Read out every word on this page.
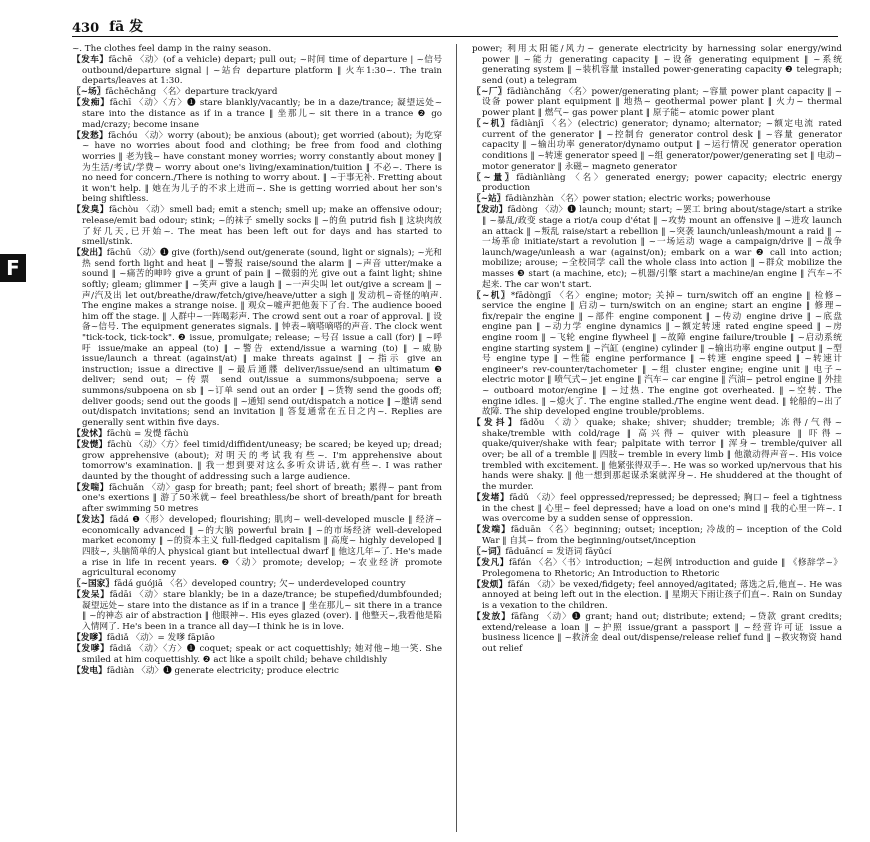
430 fā 发

~. The clothes feel damp in the rainy season.

【发车】fāchē 〈动〉(of a vehicle) depart; pull out; ~时间 time of departure | ~信号 outbound/departure signal | ~站台 departure platform ‖ 火车1:30~. The train departs/leaves at 1:30.

〖~场〗fāchēchǎng 〈名〉departure track/yard

【发痴】fāchī 〈动〉〈方〉❶ stare blankly/vacantly; be in a daze/trance; 凝望远处~ stare into the distance as if in a trance ‖ 坐那儿~ sit there in a trance ❷ go mad/crazy; become insane

【发愁】fāchóu 〈动〉worry (about); be anxious (about); get worried (about); 为吃穿~ have no worries about food and clothing; be free from food and clothing worries ‖ 老为钱~ have constant money worries; worry constantly about money ‖ 为生活/考试/学费~ worry about one's living/examination/tuition ‖ 不必~. There is no need for concern./There is nothing to worry about. ‖ ~于事无补. Fretting about it won't help. ‖ 她在为儿子的不求上进而~. She is getting worried about her son's being shiftless.

【发臭】fāchòu 〈动〉smell bad; emit a stench; smell up; make an offensive odour; release/emit bad odour; stink; ~的袜子 smelly socks ‖ ~的鱼 putrid fish ‖ 这块肉放了好几天,已开始~. The meat has been left out for days and has started to smell/stink.

【发出】fāchū 〈动〉❶ give (forth)/send out/generate (sound, light or signals); ~光和热 send forth light and heat ‖ ~警报 raise/sound the alarm ‖ ~声音 utter/make a sound ‖ ~痛苦的呻吟 give a grunt of pain ‖ ~微弱的光 give out a faint light; shine softly; gleam; glimmer ‖ ~笑声 give a laugh ‖ ~一声尖叫 let out/give a scream ‖ ~声/汽及出 let out/breathe/draw/fetch/give/heave/utter a sigh ‖ 发动机~奇怪的响声. The engine makes a strange noise. ‖ 观众~嘘声把他轰下了台. The audience booed him off the stage. ‖ 人群中~一阵喝彩声. The crowd sent out a roar of approval. ‖ 设备~信号. The equipment generates signals. ‖ 钟表~嘀嗒嘀嗒的声音. The clock went "tick-tock, tick-tock". ❷ issue, promulgate; release; ~号召 issue a call (for) ‖ ~呼吁 issue/make an appeal (to) ‖ ~警告 extend/issue a warning (to) ‖ ~威胁 issue/launch a threat (against/at) ‖ make threats against ‖ ~指示 give an instruction; issue a directive ‖ ~最后通牒 deliver/issue/send an ultimatum ❸ deliver; send out; ~传票 send out/issue a summons/subpoena; serve a summons/subpoena on sb ‖ ~订单 send out an order ‖ ~货物 send the goods off; deliver goods; send out the goods ‖ ~通知 send out/dispatch a notice ‖ ~邀请 send out/dispatch invitations; send an invitation ‖ 答复通常在五日之内~. Replies are generally sent within five days.

【发怵】fāchù = 发憷 fāchù

【发憷】fāchù 〈动〉〈方〉feel timid/diffident/uneasy; be scared; be keyed up; dread; grow apprehensive (about); 对明天的考试我有些~. I'm apprehensive about tomorrow's examination. ‖ 我一想到要对这么多听众讲话,就有些~. I was rather daunted by the thought of addressing such a large audience.

【发喘】fāchuǎn 〈动〉gasp for breath; pant; feel short of breath; 累得~ pant from one's exertions ‖ 游了50米就~ feel breathless/be short of breath/pant for breath after swimming 50 metres

【发达】fādá ❶〈形〉developed; flourishing; 肌肉~ well-developed muscle ‖ 经济~ economically advanced ‖ ~的大脑 powerful brain ‖ ~的市场经济 well-developed market economy ‖ ~的资本主义 full-fledged capitalism ‖ 高度~ highly developed ‖ 四肢~, 头脑简单的人 physical giant but intellectual dwarf ‖ 他这几年~了. He's made a rise in life in recent years. ❷〈动〉promote; develop; ~农业经济 promote agricultural economy

〖~国家〗fādá guójiā 〈名〉developed country; 欠~ underdeveloped country

【发呆】fādāi 〈动〉stare blankly; be in a daze/trance; be stupefied/dumbfounded; 凝望远处~ stare into the distance as if in a trance ‖ 坐在那儿~ sit there in a trance ‖ ~的神态 air of abstraction ‖ 他眼神~. His eyes glazed (over). ‖ 他整天~,我看他是陷入情网了. He's been in a trance all day—I think he is in love.

【发嗲】fādiǎ 〈动〉= 发嗲 fāpiāo

【发嗲】fādiǎ 〈动〉〈方〉❶ coquet; speak or act coquettishly; 她对他~地一笑. She smiled at him coquettishly. ❷ act like a spoilt child; behave childishly

【发电】fādiàn 〈动〉❶ generate electricity; produce electric

power; 利用太阳能/风力~ generate electricity by harnessing solar energy/wind power ‖ ~能力 generating capacity ‖ ~设备 generating equipment ‖ ~系统 generating system ‖ ~装机容量 installed power-generating capacity ❷ telegraph; send (out) a telegram

〖~厂〗fādiànchǎng 〈名〉power/generating plant; ~容量 power plant capacity ‖ ~设备 power plant equipment ‖ 地热~ geothermal power plant ‖ 火力~ thermal power plant ‖ 燃气~ gas power plant ‖ 原子能~ atomic power plant

〖~机〗fādiànjī 〈名〉(electric) generator; dynamo; alternator; ~额定电流 rated current of the generator ‖ ~控制台 generator control desk ‖ ~容量 generator capacity ‖ ~输出功率 generator/dynamo output ‖ ~运行情况 generator operation conditions ‖ ~转速 generator speed ‖ ~组 generator/power/generating set ‖ 电动~ motor generator ‖ 永磁~ magneto generator

〖~量〗fādiànliàng 〈名〉generated energy; power capacity; electric energy production

〖~站〗fādiànzhàn 〈名〉power station; electric works; powerhouse

【发动】fādòng 〈动〉❶ launch; mount; start; ~罢工 bring about/stage/start a strike ‖ ~暴乱/政变 stage a riot/a coup d'état ‖ ~攻势 mount an offensive ‖ ~进攻 launch an attack ‖ ~叛乱 raise/start a rebellion ‖ ~突袭 launch/unleash/mount a raid ‖ ~一场革命 initiate/start a revolution ‖ ~一场运动 wage a campaign/drive ‖ ~战争 launch/wage/unleash a war (against/on); embark on a war ❷ call into action; mobilize; arouse; ~全校同学 call the whole class into action ‖ ~群众 mobilize the masses ❸ start (a machine, etc); ~机器/引擎 start a machine/an engine ‖ 汽车~不起来. The car won't start.

〖~机〗*fādòngjī 〈名〉engine; motor; 关掉~ turn/switch off an engine ‖ 检修~ service the engine ‖ 启动~ turn/switch on an engine; start an engine ‖ 修理~ fix/repair the engine ‖ ~部件 engine component ‖ ~传动 engine drive ‖ ~底盘 engine pan ‖ ~动力学 engine dynamics ‖ ~额定转速 rated engine speed ‖ ~房 engine room ‖ ~飞轮 engine flywheel ‖ ~故障 engine failure/trouble ‖ ~启动系统 engine starting system ‖ ~汽缸 (engine) cylinder ‖ ~输出功率 engine output ‖ ~型号 engine type ‖ ~性能 engine performance ‖ ~转速 engine speed ‖ ~转速计 engineer's rev-counter/tachometer ‖ ~组 cluster engine; engine unit ‖ 电子~ electric motor ‖ 喷气式~ jet engine ‖ 汽车~ car engine ‖ 汽油~ petrol engine ‖ 外挂~ outboard motor/engine ‖ ~过热. The engine got overheated. ‖ ~空转. The engine idles. ‖ ~熄火了. The engine stalled./The engine went dead. ‖ 轮船的~出了故障. The ship developed engine trouble/problems.

【发抖】fādǒu 〈动〉quake; shake; shiver; shudder; tremble; 冻得/气得~ shake/tremble with cold/rage ‖ 高兴得~ quiver with pleasure ‖ 吓得~ quake/quiver/shake with fear; palpitate with terror ‖ 浑身~ tremble/quiver all over; be all of a tremble ‖ 四肢~ tremble in every limb ‖ 他激动得声音~. His voice trembled with excitement. ‖ 他紧张得双手~. He was so worked up/nervous that his hands were shaky. ‖ 他一想到那起谋杀案就浑身~. He shuddered at the thought of the murder.

【发堵】fādǔ 〈动〉feel oppressed/repressed; be depressed; 胸口~ feel a tightness in the chest ‖ 心里~ feel depressed; have a load on one's mind ‖ 我的心里一阵~. I was overcome by a sudden sense of oppression.

【发端】fāduān 〈名〉beginning; outset; inception; 冷战的~ inception of the Cold War ‖ 自其~ from the beginning/outset/inception

〖~词〗fāduāncí = 发语词 fāyǔcí

【发凡】fāfán 〈名〉〈书〉introduction; ~起例 introduction and guide ‖ 《修辞学~》Prolegomena to Rhetoric; An Introduction to Rhetoric

【发烦】fāfán 〈动〉be vexed/fidgety; feel annoyed/agitated; 落选之后,他直~. He was annoyed at being left out in the election. ‖ 星期天下雨让孩子们直~. Rain on Sunday is a vexation to the children.

【发放】fāfàng 〈动〉❶ grant; hand out; distribute; extend; ~贷款 grant credits; extend/release a loan ‖ ~护照 issue/grant a passport ‖ ~经营许可证 issue a business licence ‖ ~救济金 deal out/dispense/release relief fund ‖ ~救灾物资 hand out relief

F
